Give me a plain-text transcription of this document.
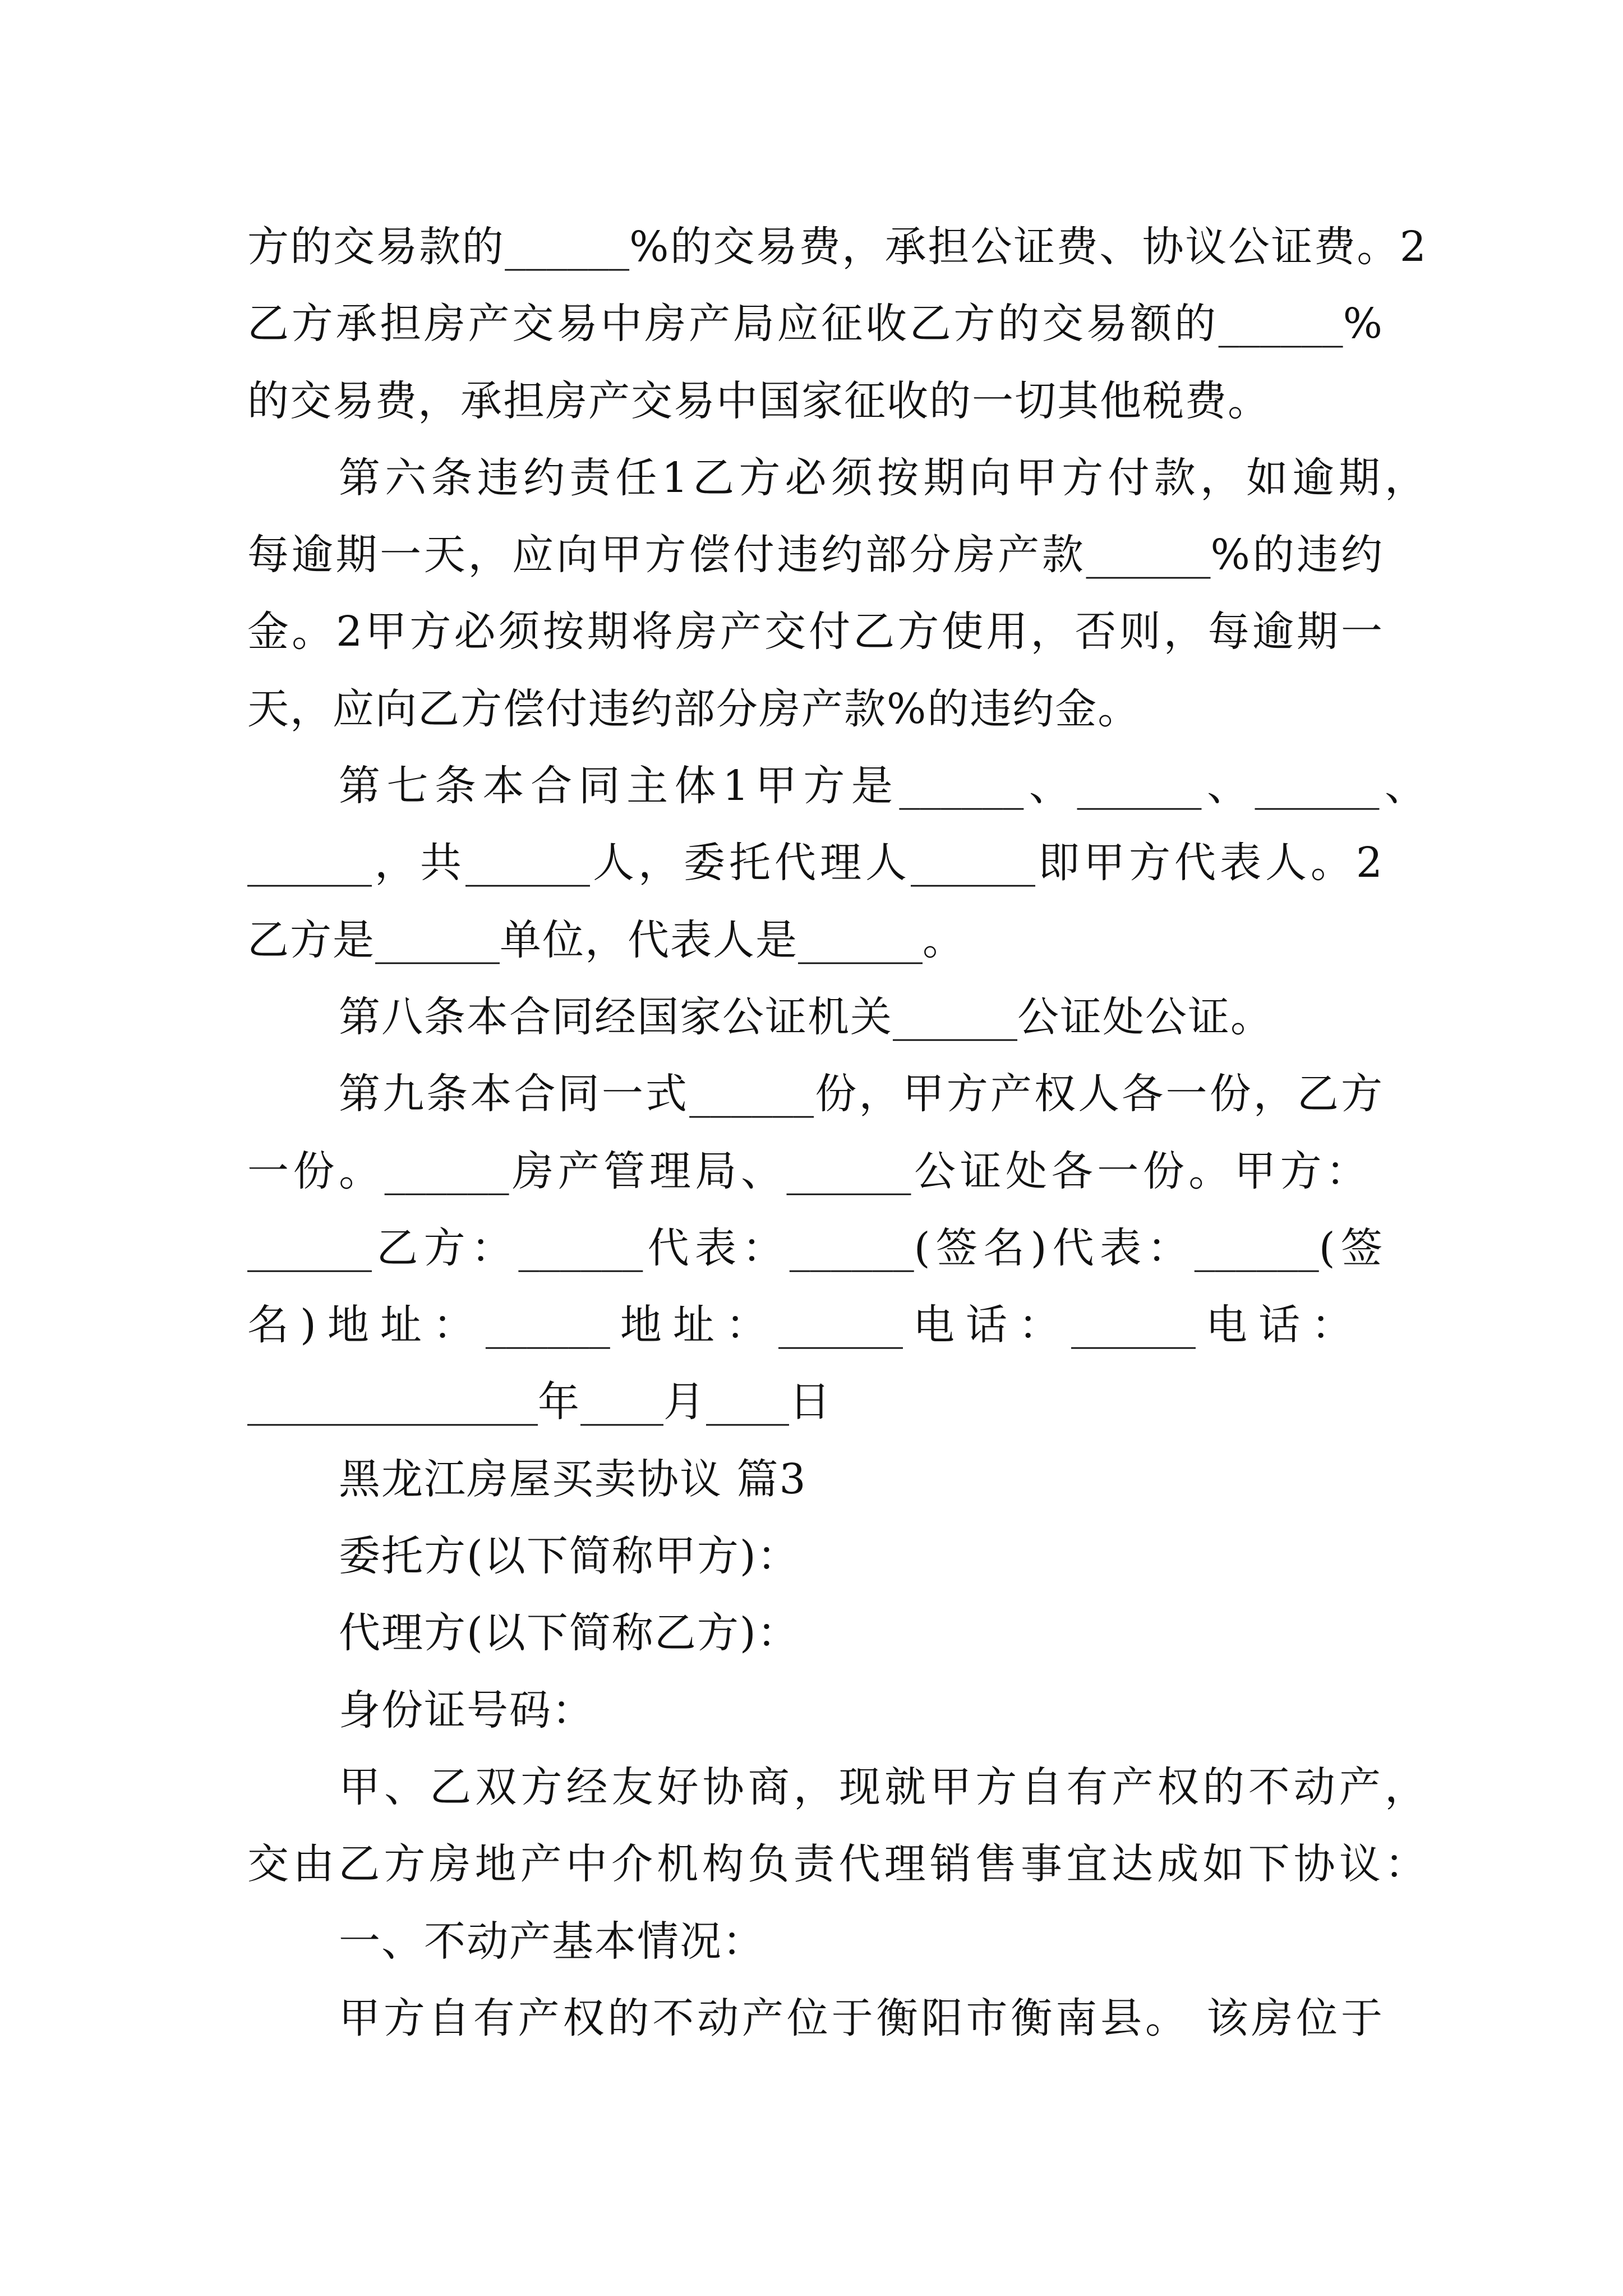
方的交易款的______%的交易费，承担公证费、协议公证费。2
乙方承担房产交易中房产局应征收乙方的交易额的______%
的交易费，承担房产交易中国家征收的一切其他税费。
第六条违约责任1乙方必须按期向甲方付款，如逾期，
每逾期一天，应向甲方偿付违约部分房产款______%的违约
金。2甲方必须按期将房产交付乙方使用，否则，每逾期一
天，应向乙方偿付违约部分房产款%的违约金。
第七条本合同主体1甲方是______、______、______、
______，共______人，委托代理人______即甲方代表人。2
乙方是______单位，代表人是______。
第八条本合同经国家公证机关______公证处公证。
第九条本合同一式______份，甲方产权人各一份，乙方
一份。______房产管理局、______公证处各一份。甲方：
______乙方：______代表：______(签名)代表：______(签
名)地址：______地址：______电话：______电话：
______________年____月____日
黑龙江房屋买卖协议 篇3
委托方(以下简称甲方)：
代理方(以下简称乙方)：
身份证号码：
甲、乙双方经友好协商，现就甲方自有产权的不动产，
交由乙方房地产中介机构负责代理销售事宜达成如下协议：
一、不动产基本情况：
甲方自有产权的不动产位于衡阳市衡南县。 该房位于
